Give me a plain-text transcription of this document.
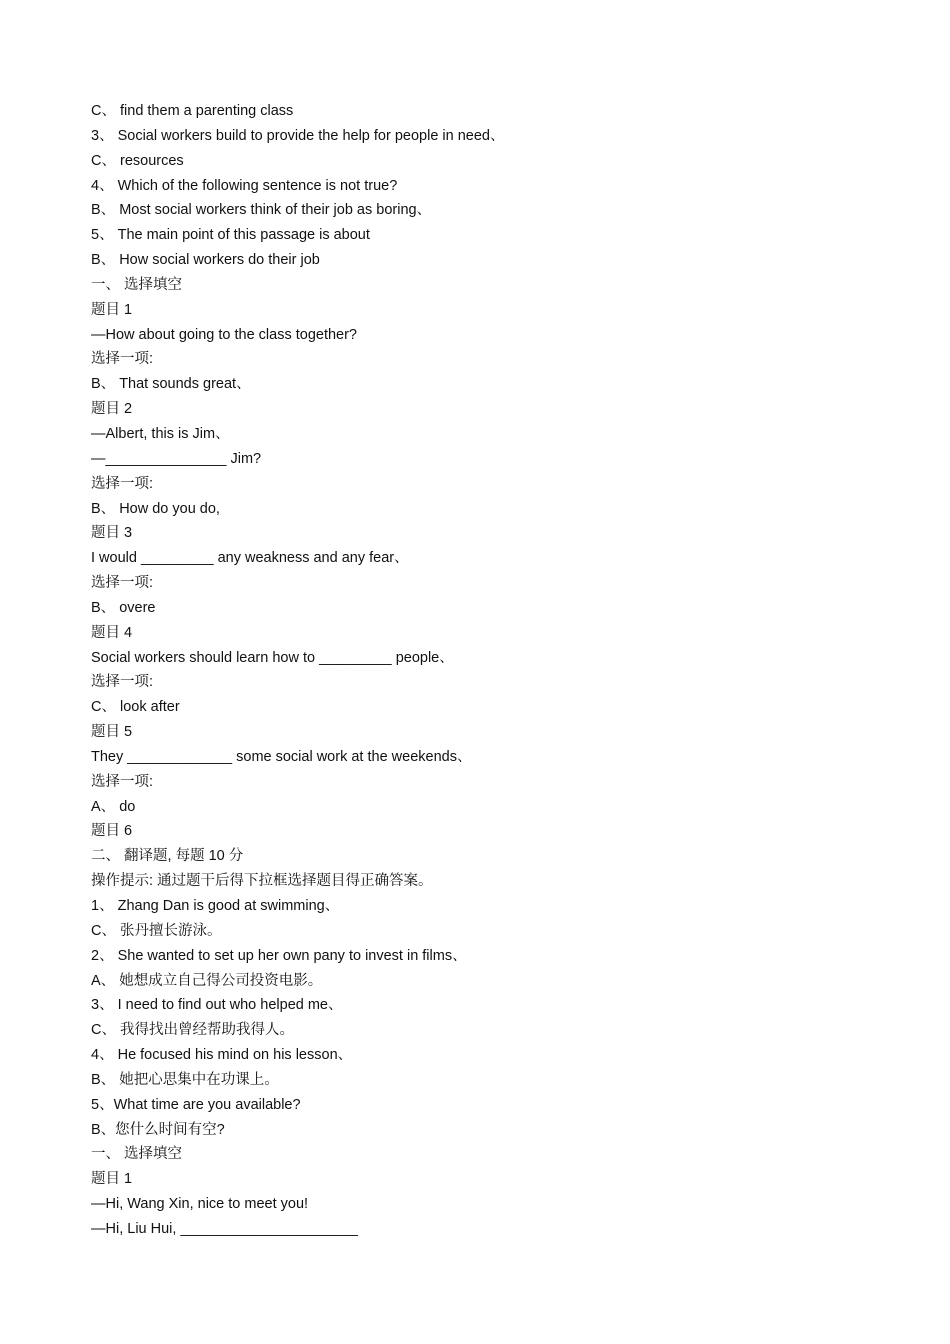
C、 find them a parenting class
3、 Social workers build to provide the help for people in need、
C、 resources
4、 Which of the following sentence is not true?
B、 Most social workers think of their job as boring、
5、 The main point of this passage is about
B、 How social workers do their job
一、 选择填空
题目 1
—How about going to the class together?
选择一项:
B、 That sounds great、
题目 2
—Albert, this is Jim、
—_______________ Jim?
选择一项:
B、 How do you do,
题目 3
I would _________ any weakness and any fear、
选择一项:
B、 overe
题目 4
Social workers should learn how to _________ people、
选择一项:
C、 look after
题目 5
They _____________ some social work at the weekends、
选择一项:
A、 do
题目 6
二、 翻译题, 每题 10 分
操作提示: 通过题干后得下拉框选择题目得正确答案。
1、 Zhang Dan is good at swimming、
C、 张丹擅长游泳。
2、 She wanted to set up her own pany to invest in films、
A、 她想成立自己得公司投资电影。
3、 I need to find out who helped me、
C、 我得找出曾经帮助我得人。
4、 He focused his mind on his lesson、
B、 她把心思集中在功课上。
5、What time are you available?
B、您什么时间有空?
一、 选择填空
题目 1
—Hi, Wang Xin, nice to meet you!
—Hi, Liu Hui, ______________________
